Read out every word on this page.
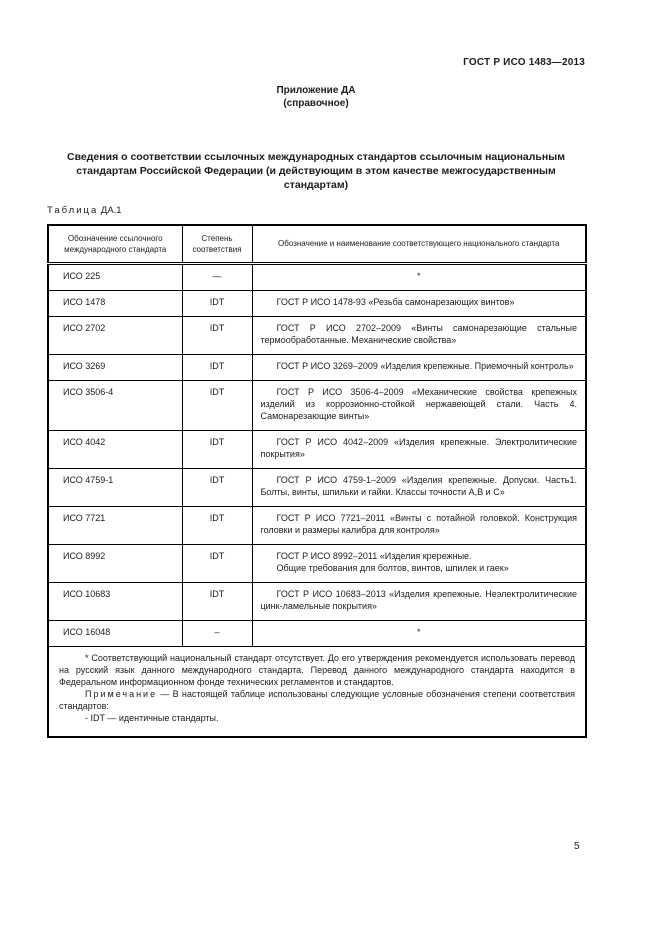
ГОСТ Р ИСО 1483—2013
Приложение ДА
(справочное)
Сведения о соответствии ссылочных международных стандартов ссылочным национальным стандартам Российской Федерации (и действующим в этом качестве межгосударственным стандартам)
Таблица ДА.1
Обозначение ссылочного международного стандарта	Степень соответствия	Обозначение и наименование соответствующего национального стандарта
ИСО 225	—	*
ИСО 1478	IDT	ГОСТ Р ИСО 1478-93 «Резьба самонарезающих винтов»
ИСО 2702	IDT	ГОСТ Р ИСО 2702–2009 «Винты самонарезающие стальные термообработанные. Механические свойства»
ИСО 3269	IDT	ГОСТ Р ИСО 3269–2009 «Изделия крепежные. Приемочный контроль»
ИСО 3506-4	IDT	ГОСТ Р ИСО 3506-4–2009 «Механические свойства крепежных изделий из коррозионно-стойкой нержавеющей стали. Часть 4. Самонарезающие винты»
ИСО 4042	IDT	ГОСТ Р ИСО 4042–2009 «Изделия крепежные. Электролитические покрытия»
ИСО 4759-1	IDT	ГОСТ Р ИСО 4759-1–2009 «Изделия крепежные. Допуски. Часть1. Болты, винты, шпильки и гайки. Классы точности А,В и С»
ИСО 7721	IDT	ГОСТ Р ИСО 7721–2011 «Винты с потайной головкой. Конструкция головки и размеры калибра для контроля»
ИСО 8992	IDT	ГОСТ Р ИСО 8992–2011 «Изделия крережные.
Общие требования для болтов, винтов, шпилек и гаек»

ИСО 10683	IDT	ГОСТ Р ИСО 10683–2013 «Изделия крепежные. Неэлектролитические цинк-ламельные покрытия»
ИСО 16048	–	*

* Соответствующий национальный стандарт отсутствует. До его утверждения рекомендуется использовать перевод на русский язык данного международного стандарта. Перевод данного международного стандарта находится в Федеральном информационном фонде технических регламентов и стандартов.

Примечание — В настоящей таблице использованы следующие условные обозначения степени соответствия стандартов:

- IDT — идентичные стандарты.		

5
